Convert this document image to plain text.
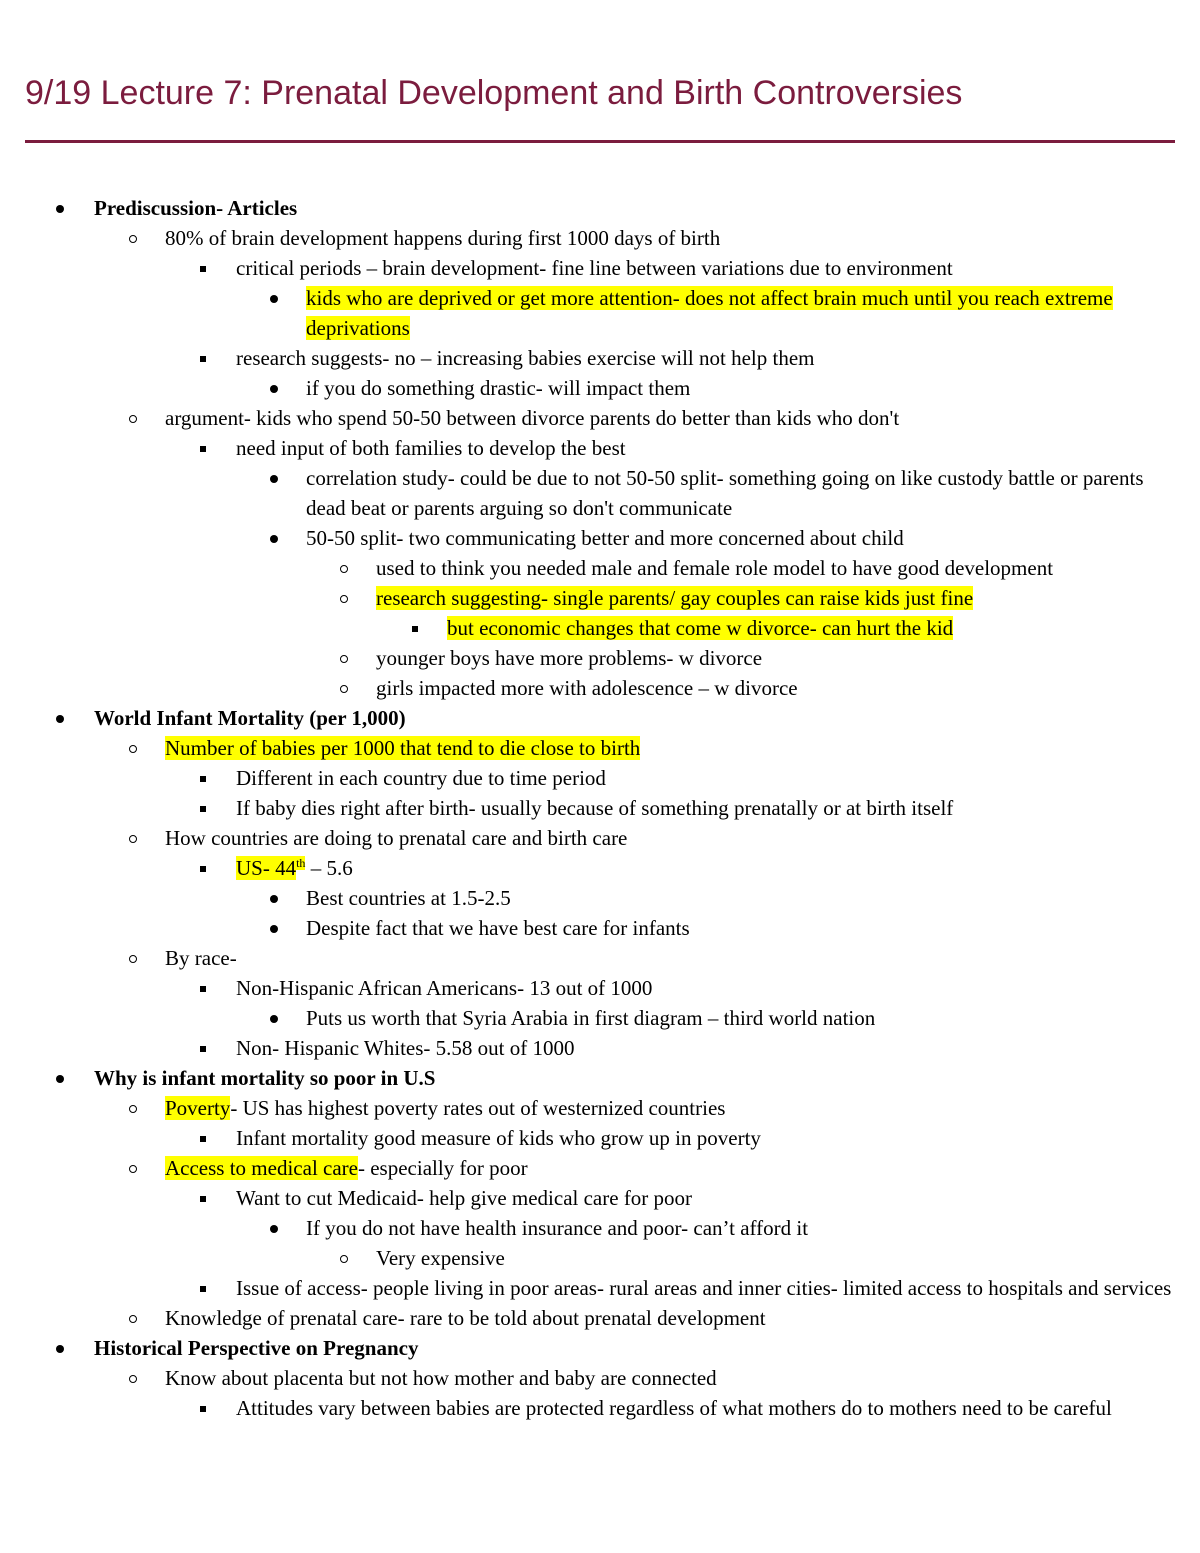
9/19 Lecture 7: Prenatal Development and Birth Controversies
Prediscussion- Articles
80% of brain development happens during first 1000 days of birth
critical periods – brain development- fine line between variations due to environment
kids who are deprived or get more attention- does not affect brain much until you reach extreme deprivations
research suggests- no – increasing babies exercise will not help them
if you do something drastic- will impact them
argument- kids who spend 50-50 between divorce parents do better than kids who don't
need input of both families to develop the best
correlation study- could be due to not 50-50 split- something going on like custody battle or parents dead beat or parents arguing so don't communicate
50-50 split- two communicating better and more concerned about child
used to think you needed male and female role model to have good development
research suggesting- single parents/ gay couples can raise kids just fine
but economic changes that come w divorce- can hurt the kid
younger boys have more problems- w divorce
girls impacted more with adolescence – w divorce
World Infant Mortality (per 1,000)
Number of babies per 1000 that tend to die close to birth
Different in each country due to time period
If baby dies right after birth- usually because of something prenatally or at birth itself
How countries are doing to prenatal care and birth care
US- 44th – 5.6
Best countries at 1.5-2.5
Despite fact that we have best care for infants
By race-
Non-Hispanic African Americans- 13 out of 1000
Puts us worth that Syria Arabia in first diagram – third world nation
Non- Hispanic Whites- 5.58 out of 1000
Why is infant mortality so poor in U.S
Poverty- US has highest poverty rates out of westernized countries
Infant mortality good measure of kids who grow up in poverty
Access to medical care- especially for poor
Want to cut Medicaid- help give medical care for poor
If you do not have health insurance and poor- can’t afford it
Very expensive
Issue of access- people living in poor areas- rural areas and inner cities- limited access to hospitals and services
Knowledge of prenatal care- rare to be told about prenatal development
Historical Perspective on Pregnancy
Know about placenta but not how mother and baby are connected
Attitudes vary between babies are protected regardless of what mothers do to mothers need to be careful
